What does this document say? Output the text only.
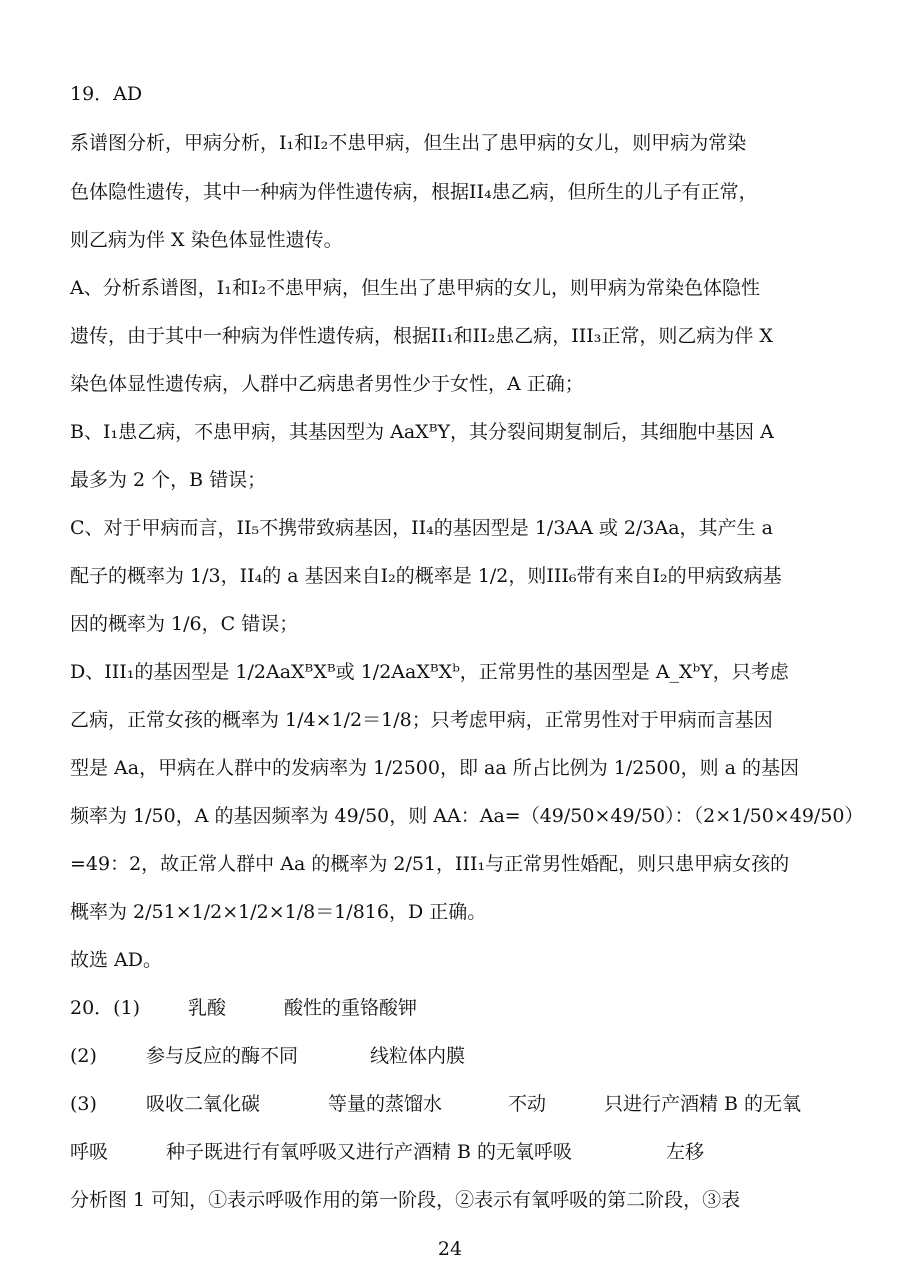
19．AD
系谱图分析，甲病分析，I₁和I₂不患甲病，但生出了患甲病的女儿，则甲病为常染
色体隐性遗传，其中一种病为伴性遗传病，根据II₄患乙病，但所生的儿子有正常，
则乙病为伴 X 染色体显性遗传。
A、分析系谱图，I₁和I₂不患甲病，但生出了患甲病的女儿，则甲病为常染色体隐性
遗传，由于其中一种病为伴性遗传病，根据II₁和II₂患乙病，III₃正常，则乙病为伴 X
染色体显性遗传病，人群中乙病患者男性少于女性，A 正确；
B、I₁患乙病，不患甲病，其基因型为 AaXᴮY，其分裂间期复制后，其细胞中基因 A
最多为 2 个，B 错误；
C、对于甲病而言，II₅不携带致病基因，II₄的基因型是 1/3AA 或 2/3Aa，其产生 a
配子的概率为 1/3，II₄的 a 基因来自I₂的概率是 1/2，则III₆带有来自I₂的甲病致病基
因的概率为 1/6，C 错误；
D、III₁的基因型是 1/2AaXᴮXᴮ或 1/2AaXᴮXᵇ，正常男性的基因型是 A_XᵇY，只考虑
乙病，正常女孩的概率为 1/4×1/2＝1/8；只考虑甲病，正常男性对于甲病而言基因
型是 Aa，甲病在人群中的发病率为 1/2500，即 aa 所占比例为 1/2500，则 a 的基因
频率为 1/50，A 的基因频率为 49/50，则 AA：Aa=（49/50×49/50）：（2×1/50×49/50）
=49：2，故正常人群中 Aa 的概率为 2/51，III₁与正常男性婚配，则只患甲病女孩的
概率为 2/51×1/2×1/2×1/8＝1/816，D 正确。
故选 AD。
20．(1)	乳酸	酸性的重铬酸钾
(2)	参与反应的酶不同	线粒体内膜
(3)	吸收二氧化碳	等量的蒸馏水	不动	只进行产酒精 B 的无氧
呼吸	种子既进行有氧呼吸又进行产酒精 B 的无氧呼吸	左移
分析图 1 可知，①表示呼吸作用的第一阶段，②表示有氧呼吸的第二阶段，③表
24
